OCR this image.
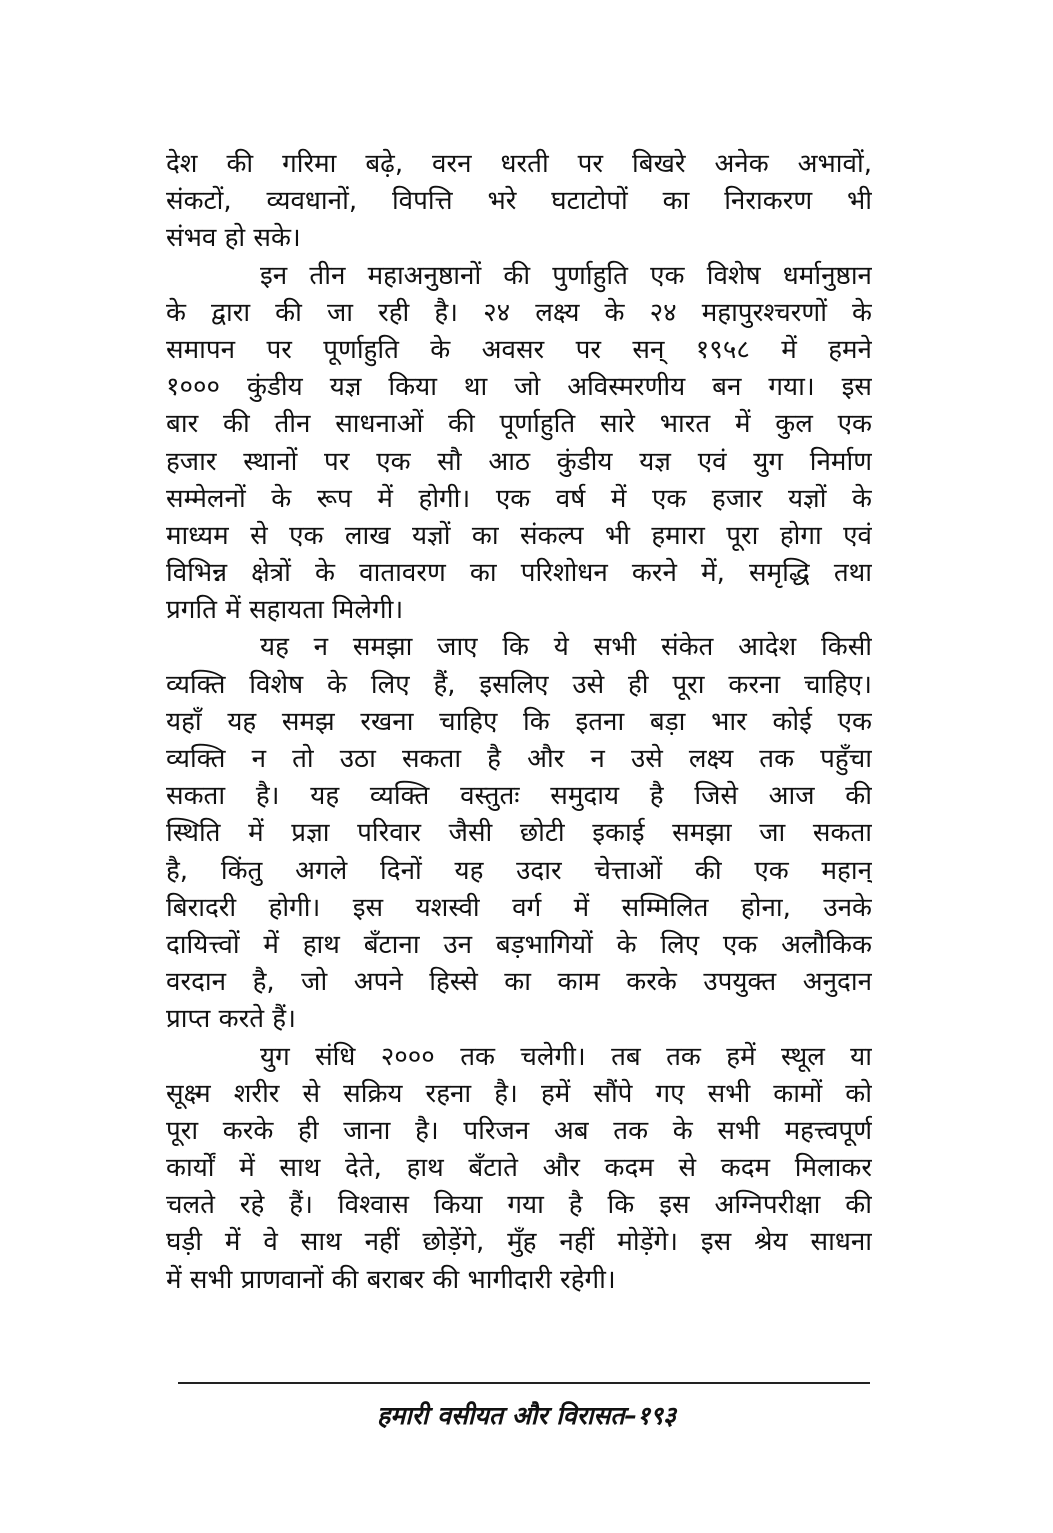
देश की गरिमा बढ़े, वरन धरती पर बिखरे अनेक अभावों,
संकटों, व्यवधानों, विपत्ति भरे घटाटोपों का निराकरण भी
संभव हो सके।
इन तीन महाअनुष्ठानों की पुर्णाहुति एक विशेष धर्मानुष्ठान
के द्वारा की जा रही है। २४ लक्ष्य के २४ महापुरश्चरणों के
समापन पर पूर्णाहुति के अवसर पर सन् १९५८ में हमने
१००० कुंडीय यज्ञ किया था जो अविस्मरणीय बन गया। इस
बार की तीन साधनाओं की पूर्णाहुति सारे भारत में कुल एक
हजार स्थानों पर एक सौ आठ कुंडीय यज्ञ एवं युग निर्माण
सम्मेलनों के रूप में होगी। एक वर्ष में एक हजार यज्ञों के
माध्यम से एक लाख यज्ञों का संकल्प भी हमारा पूरा होगा एवं
विभिन्न क्षेत्रों के वातावरण का परिशोधन करने में, समृद्धि तथा
प्रगति में सहायता मिलेगी।
यह न समझा जाए कि ये सभी संकेत आदेश किसी
व्यक्ति विशेष के लिए हैं, इसलिए उसे ही पूरा करना चाहिए।
यहाँ यह समझ रखना चाहिए कि इतना बड़ा भार कोई एक
व्यक्ति न तो उठा सकता है और न उसे लक्ष्य तक पहुँचा
सकता है। यह व्यक्ति वस्तुतः समुदाय है जिसे आज की
स्थिति में प्रज्ञा परिवार जैसी छोटी इकाई समझा जा सकता
है, किंतु अगले दिनों यह उदार चेत्ताओं की एक महान्
बिरादरी होगी। इस यशस्वी वर्ग में सम्मिलित होना, उनके
दायित्त्वों में हाथ बँटाना उन बड़भागियों के लिए एक अलौकिक
वरदान है, जो अपने हिस्से का काम करके उपयुक्त अनुदान
प्राप्त करते हैं।
युग संधि २००० तक चलेगी। तब तक हमें स्थूल या
सूक्ष्म शरीर से सक्रिय रहना है। हमें सौंपे गए सभी कामों को
पूरा करके ही जाना है। परिजन अब तक के सभी महत्त्वपूर्ण
कार्यों में साथ देते, हाथ बँटाते और कदम से कदम मिलाकर
चलते रहे हैं। विश्वास किया गया है कि इस अग्निपरीक्षा की
घड़ी में वे साथ नहीं छोड़ेंगे, मुँह नहीं मोड़ेंगे। इस श्रेय साधना
में सभी प्राणवानों की बराबर की भागीदारी रहेगी।
हमारी वसीयत और विरासत–१९३
